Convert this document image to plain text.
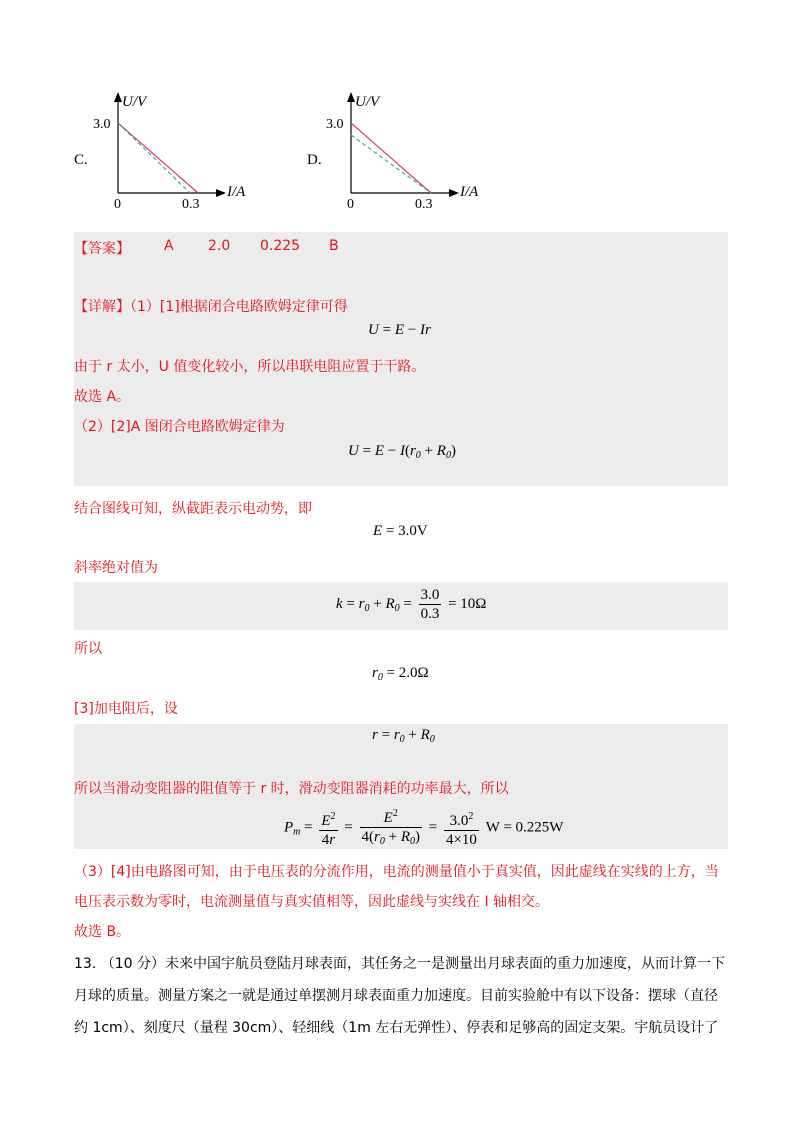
C.
U/V
I/A
0
3.0
0.3
D.
U/V
I/A
0
3.0
0.3
【答案】 A 2.0 0.225 B
【详解】（1）[1]根据闭合电路欧姆定律可得
U = E − Ir
由于 r 太小，U 值变化较小，所以串联电阻应置于干路。
故选 A。
（2）[2]A 图闭合电路欧姆定律为
$U = E - I(r_0 + R_0)$
结合图线可知，纵截距表示电动势，即
E = 3.0V
斜率绝对值为
$k = r_0 + R_0 = \frac{3.0}{0.3} = 10\Omega$
所以
$r_0 = 2.0\Omega$
[3]加电阻后，设
$r = r_0 + R_0$
所以当滑动变阻器的阻值等于 r 时，滑动变阻器消耗的功率最大，所以
$P_m = \frac{E^2}{4r} = \frac{E^2}{4(r_0 + R_0)} = \frac{3.0^2}{4\times 10}$ W = 0.225W
（3）[4]由电路图可知，由于电压表的分流作用，电流的测量值小于真实值，因此虚线在实线的上方，当
电压表示数为零时，电流测量值与真实值相等，因此虚线与实线在 I 轴相交。
故选 B。
13. （10 分）未来中国宇航员登陆月球表面，其任务之一是测量出月球表面的重力加速度，从而计算一下
月球的质量。测量方案之一就是通过单摆测月球表面重力加速度。目前实验舱中有以下设备：摆球（直径
约 1cm）、刻度尺（量程 30cm）、轻细线（1m 左右无弹性）、停表和足够高的固定支架。宇航员设计了
